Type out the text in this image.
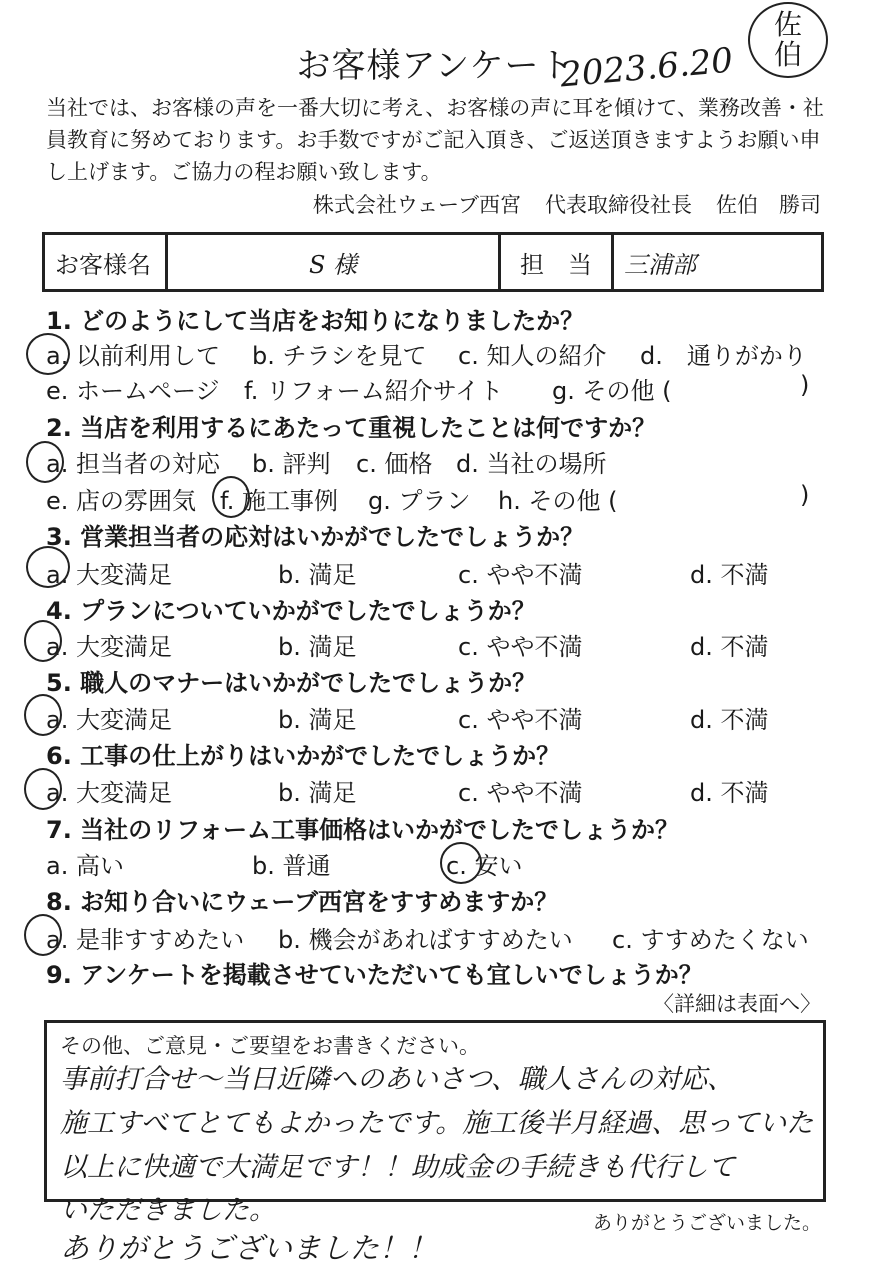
お客様アンケート
2023.6.20
佐伯
当社では、お客様の声を一番大切に考え、お客様の声に耳を傾けて、業務改善・社員教育に努めております。お手数ですがご記入頂き、ご返送頂きますようお願い申し上げます。ご協力の程お願い致します。
株式会社ウェーブ西宮 代表取締役社長 佐伯　勝司
お客様名	S 様	担　当	三浦部
1. どのようにして当店をお知りになりましたか？
a. 以前利用して b. チラシを見て c. 知人の紹介 d.　通りがかり
e. ホームページ f. リフォーム紹介サイト g. その他 (	)
2. 当店を利用するにあたって重視したことは何ですか？
a. 担当者の対応 b. 評判 c. 価格 d. 当社の場所
e. 店の雰囲気 f. 施工事例 g. プラン h. その他 (	)
3. 営業担当者の応対はいかがでしたでしょうか？
a. 大変満足	b. 満足	c. やや不満	d. 不満
4. プランについていかがでしたでしょうか？
a. 大変満足	b. 満足	c. やや不満	d. 不満
5. 職人のマナーはいかがでしたでしょうか？
a. 大変満足	b. 満足	c. やや不満	d. 不満
6. 工事の仕上がりはいかがでしたでしょうか？
a. 大変満足	b. 満足	c. やや不満	d. 不満
7. 当社のリフォーム工事価格はいかがでしたでしょうか？
a. 高い	b. 普通	c. 安い
8. お知り合いにウェーブ西宮をすすめますか？
a. 是非すすめたい b. 機会があればすすめたい c. すすめたくない
9. アンケートを掲載させていただいても宜しいでしょうか？
〈詳細は表面へ〉
その他、ご意見・ご要望をお書きください。
事前打合せ〜当日近隣へのあいさつ、職人さんの対応、
施工すべてとてもよかったです。施工後半月経過、思っていた
以上に快適で大満足です！！助成金の手続きも代行して
いただきました。
ありがとうございました！！
ありがとうございました。
